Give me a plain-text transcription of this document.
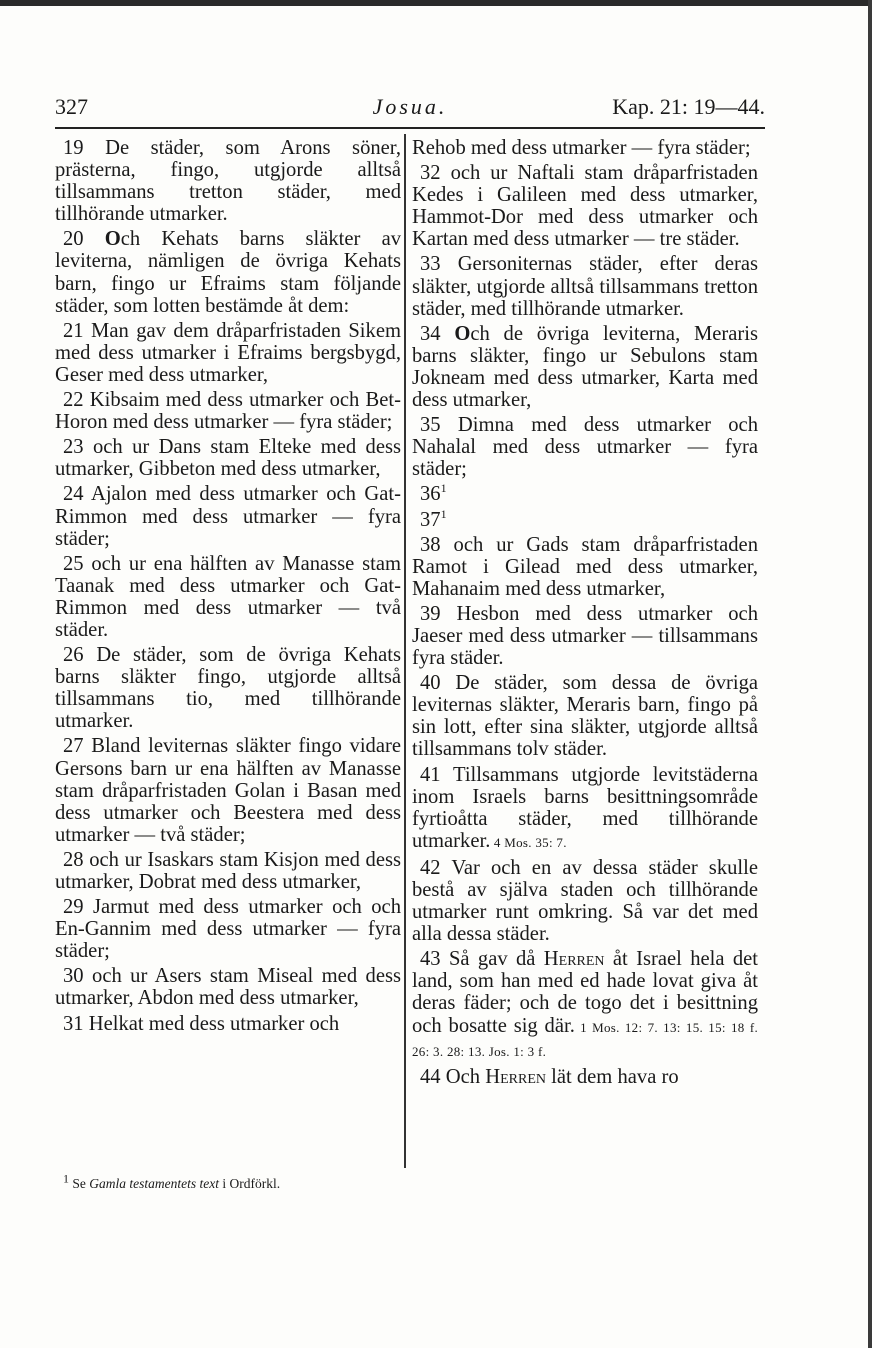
327	Josua.	Kap. 21: 19—44.

19 De städer, som Arons söner, prästerna, fingo, utgjorde alltså tillsammans tretton städer, med tillhörande utmarker.

20 Och Kehats barns släkter av leviterna, nämligen de övriga Kehats barn, fingo ur Efraims stam följande städer, som lotten bestämde åt dem:

21 Man gav dem dråparfristaden Sikem med dess utmarker i Efraims bergsbygd, Geser med dess utmarker,

22 Kibsaim med dess utmarker och Bet-Horon med dess utmarker — fyra städer;

23 och ur Dans stam Elteke med dess utmarker, Gibbeton med dess utmarker,

24 Ajalon med dess utmarker och Gat-Rimmon med dess utmarker — fyra städer;

25 och ur ena hälften av Manasse stam Taanak med dess utmarker och Gat-Rimmon med dess utmarker — två städer.

26 De städer, som de övriga Kehats barns släkter fingo, utgjorde alltså tillsammans tio, med tillhörande utmarker.

27 Bland leviternas släkter fingo vidare Gersons barn ur ena hälften av Manasse stam dråparfristaden Golan i Basan med dess utmarker och Beestera med dess utmarker — två städer;

28 och ur Isaskars stam Kisjon med dess utmarker, Dobrat med dess utmarker,

29 Jarmut med dess utmarker och och En-Gannim med dess utmarker — fyra städer;

30 och ur Asers stam Miseal med dess utmarker, Abdon med dess utmarker,

31 Helkat med dess utmarker och

Rehob med dess utmarker — fyra städer;

32 och ur Naftali stam dråparfristaden Kedes i Galileen med dess utmarker, Hammot-Dor med dess utmarker och Kartan med dess utmarker — tre städer.

33 Gersoniternas städer, efter deras släkter, utgjorde alltså tillsammans tretton städer, med tillhörande utmarker.

34 Och de övriga leviterna, Meraris barns släkter, fingo ur Sebulons stam Jokneam med dess utmarker, Karta med dess utmarker,

35 Dimna med dess utmarker och Nahalal med dess utmarker — fyra städer;

$36^1$

$37^1$

38 och ur Gads stam dråparfristaden Ramot i Gilead med dess utmarker, Mahanaim med dess utmarker,

39 Hesbon med dess utmarker och Jaeser med dess utmarker — tillsammans fyra städer.

40 De städer, som dessa de övriga leviternas släkter, Meraris barn, fingo på sin lott, efter sina släkter, utgjorde alltså tillsammans tolv städer.

41 Tillsammans utgjorde levitstäderna inom Israels barns besittningsområde fyrtioåtta städer, med tillhörande utmarker. 4 Mos. 35: 7.

42 Var och en av dessa städer skulle bestå av själva staden och tillhörande utmarker runt omkring. Så var det med alla dessa städer.

43 Så gav då Herren åt Israel hela det land, som han med ed hade lovat giva åt deras fäder; och de togo det i besittning och bosatte sig där. 1 Mos. 12: 7. 13: 15. 15: 18 f. 26: 3. 28: 13. Jos. 1: 3 f.

44 Och Herren lät dem hava ro

$^1$ Se Gamla testamentets text i Ordförkl.
